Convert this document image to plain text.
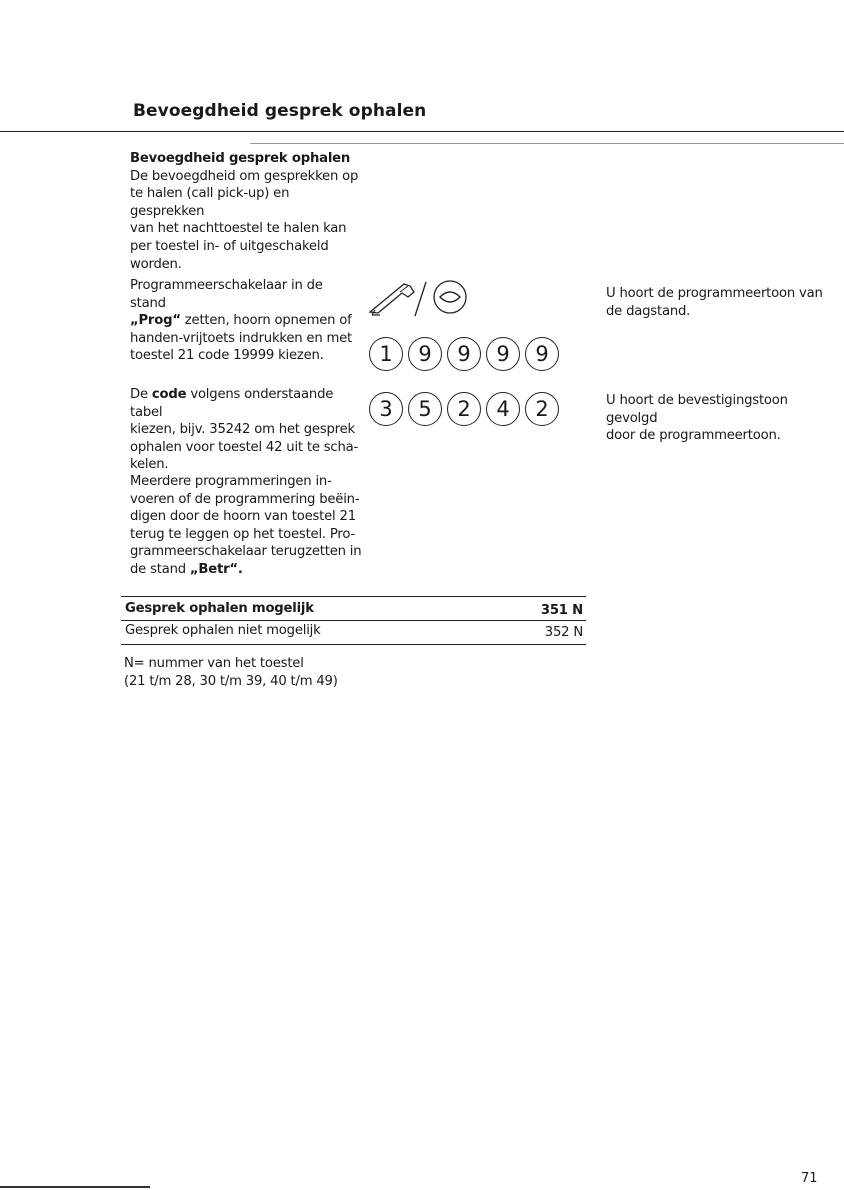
Bevoegdheid gesprek ophalen
Bevoegdheid gesprek ophalen
De bevoegdheid om gesprekken op
te halen (call pick-up) en gesprekken
van het nachttoestel te halen kan
per toestel in- of uitgeschakeld
worden.
Programmeerschakelaar in de stand
„Prog“ zetten, hoorn opnemen of
handen-vrijtoets indrukken en met
toestel 21 code 19999 kiezen.	1	9	9	9	9
U hoort de programmeertoon van
de dagstand.
De code volgens onderstaande tabel
kiezen, bijv. 35242 om het gesprek
ophalen voor toestel 42 uit te scha-
kelen.
3	5	2	4	2	U hoort de bevestigingstoon gevolgd
door de programmeertoon.
Meerdere programmeringen in-
voeren of de programmering beëin-
digen door de hoorn van toestel 21
terug te leggen op het toestel. Pro-
grammeerschakelaar terugzetten in
de stand „Betr“.
Gesprek ophalen mogelijk	351 N
Gesprek ophalen niet mogelijk	352 N
N= nummer van het toestel
(21 t/m 28, 30 t/m 39, 40 t/m 49)
71
